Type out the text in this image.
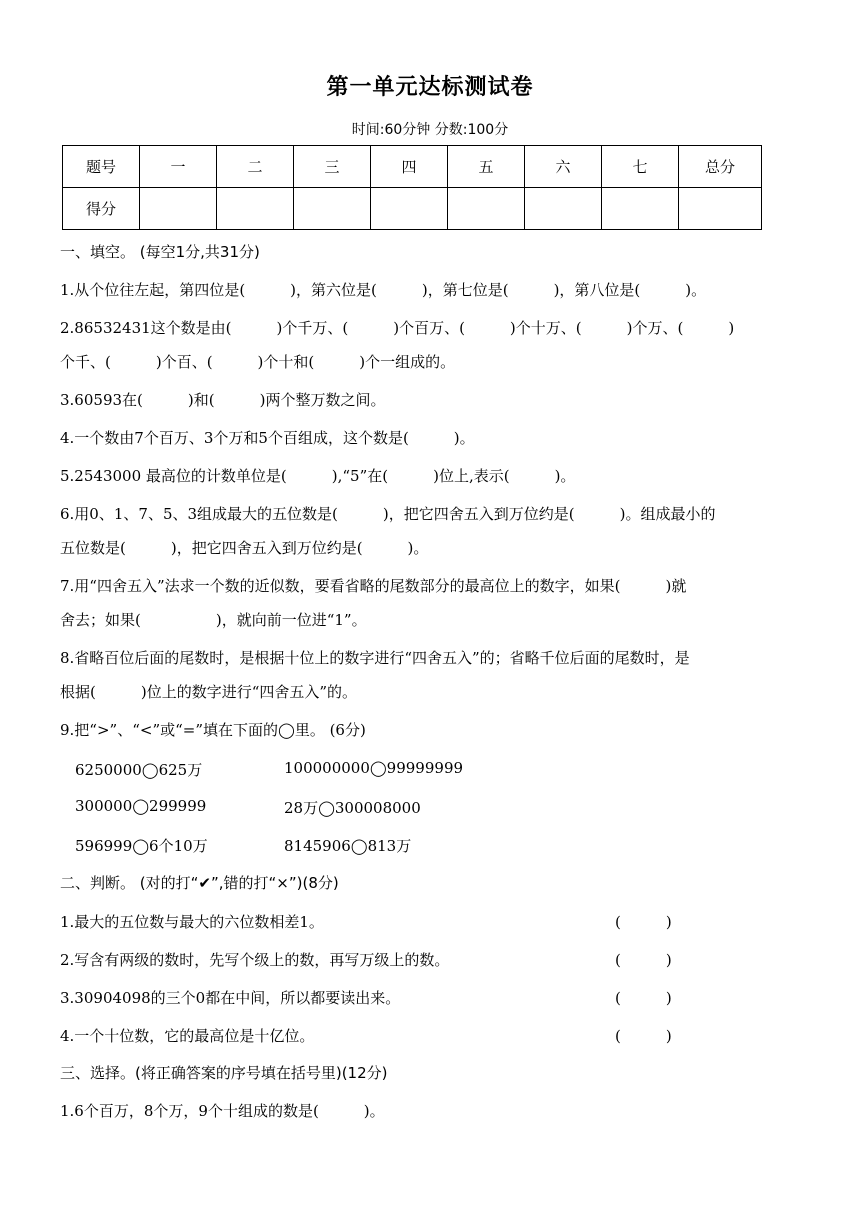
第一单元达标测试卷
时间:60分钟 分数:100分
题号	一	二	三	四	五	六	七	总分
得分								
一、填空。 (每空1分,共31分)
1.从个位往左起，第四位是(　　　)，第六位是(　　　)，第七位是(　　　)，第八位是(　　　)。
2.86532431这个数是由(　　　)个千万、(　　　)个百万、(　　　)个十万、(　　　)个万、(　　　)
个千、(　　　)个百、(　　　)个十和(　　　)个一组成的。
3.60593在(　　　)和(　　　)两个整万数之间。
4.一个数由7个百万、3个万和5个百组成，这个数是(　　　)。
5.2543000 最高位的计数单位是(　　　),“5”在(　　　)位上,表示(　　　)。
6.用0、1、7、5、3组成最大的五位数是(　　　)，把它四舍五入到万位约是(　　　)。组成最小的
五位数是(　　　)，把它四舍五入到万位约是(　　　)。
7.用“四舍五入”法求一个数的近似数，要看省略的尾数部分的最高位上的数字，如果(　　　)就
舍去；如果(　　　　　)，就向前一位进“1”。
8.省略百位后面的尾数时，是根据十位上的数字进行“四舍五入”的；省略千位后面的尾数时，是
根据(　　　)位上的数字进行“四舍五入”的。
9.把“>”、“<”或“=”填在下面的◯里。 (6分)
6250000◯625万	100000000◯99999999
300000◯299999	28万◯300008000
596999◯6个10万	8145906◯813万
二、判断。 (对的打“✔”,错的打“×”)(8分)
1.最大的五位数与最大的六位数相差1。	(　　　)
2.写含有两级的数时，先写个级上的数，再写万级上的数。	(　　　)
3.30904098的三个0都在中间，所以都要读出来。	(　　　)
4.一个十位数，它的最高位是十亿位。	(　　　)
三、选择。(将正确答案的序号填在括号里)(12分)
1.6个百万，8个万，9个十组成的数是(　　　)。
